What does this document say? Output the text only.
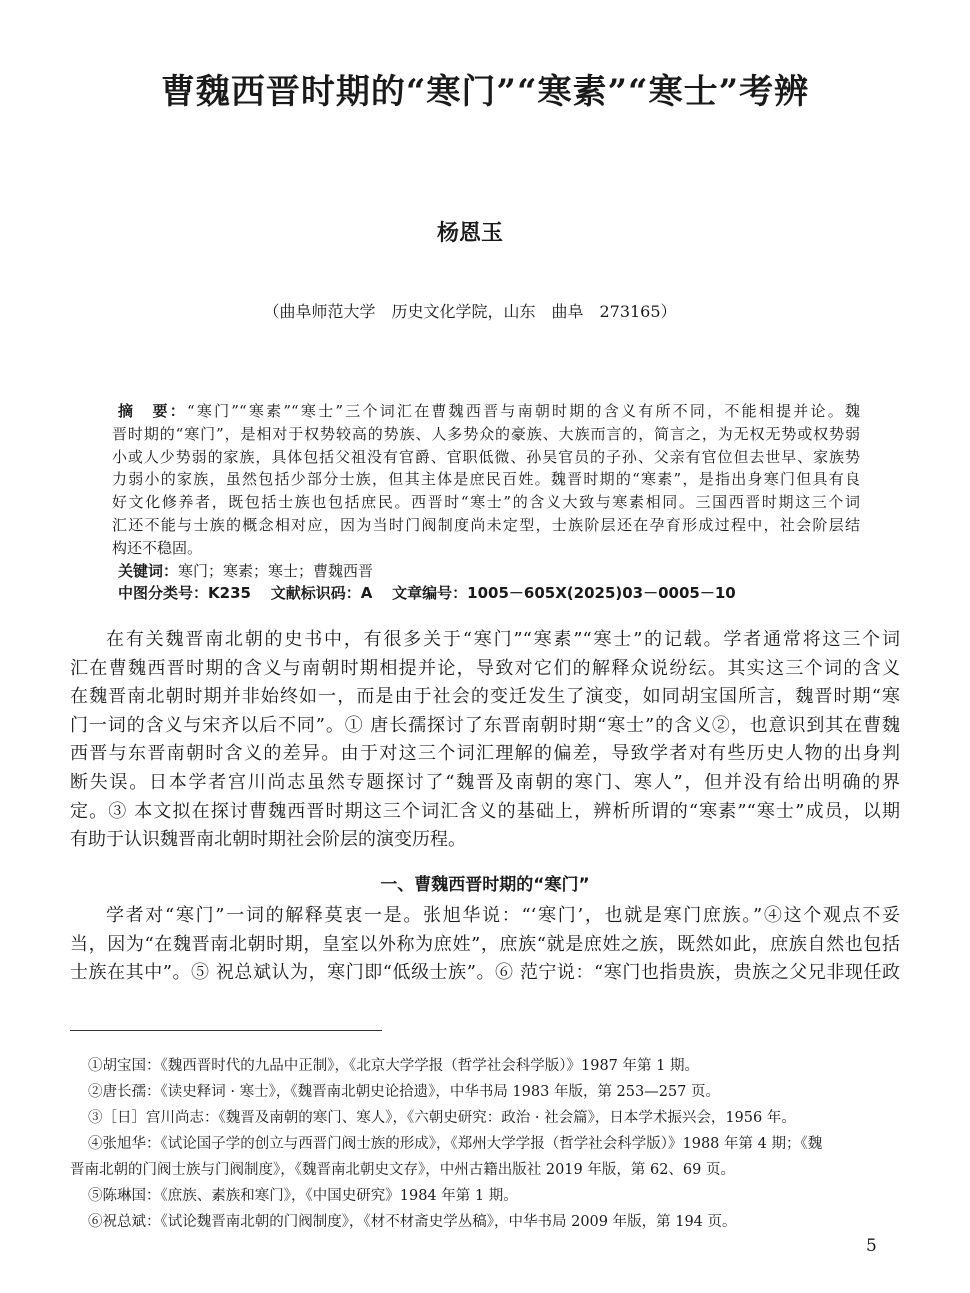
曹魏西晋时期的“寒门”“寒素”“寒士”考辨
杨恩玉
（曲阜师范大学　历史文化学院，山东　曲阜　273165）
摘　要：“寒门”“寒素”“寒士”三个词汇在曹魏西晋与南朝时期的含义有所不同，不能相提并论。魏
晋时期的“寒门”，是相对于权势较高的势族、人多势众的豪族、大族而言的，简言之，为无权无势或权势弱
小或人少势弱的家族，具体包括父祖没有官爵、官职低微、孙吴官员的子孙、父亲有官位但去世早、家族势
力弱小的家族，虽然包括少部分士族，但其主体是庶民百姓。魏晋时期的“寒素”，是指出身寒门但具有良
好文化修养者，既包括士族也包括庶民。西晋时“寒士”的含义大致与寒素相同。三国西晋时期这三个词
汇还不能与士族的概念相对应，因为当时门阀制度尚未定型，士族阶层还在孕育形成过程中，社会阶层结
构还不稳固。
关键词：寒门；寒素；寒士；曹魏西晋
中图分类号：K235  文献标识码：A  文章编号：1005－605X(2025)03－0005－10
在有关魏晋南北朝的史书中，有很多关于“寒门”“寒素”“寒士”的记载。学者通常将这三个词
汇在曹魏西晋时期的含义与南朝时期相提并论，导致对它们的解释众说纷纭。其实这三个词的含义
在魏晋南北朝时期并非始终如一，而是由于社会的变迁发生了演变，如同胡宝国所言，魏晋时期“寒
门一词的含义与宋齐以后不同”。① 唐长孺探讨了东晋南朝时期“寒士”的含义②，也意识到其在曹魏
西晋与东晋南朝时含义的差异。由于对这三个词汇理解的偏差，导致学者对有些历史人物的出身判
断失误。日本学者宫川尚志虽然专题探讨了“魏晋及南朝的寒门、寒人”，但并没有给出明确的界
定。③ 本文拟在探讨曹魏西晋时期这三个词汇含义的基础上，辨析所谓的“寒素”“寒士”成员，以期
有助于认识魏晋南北朝时期社会阶层的演变历程。
一、曹魏西晋时期的“寒门”
学者对“寒门”一词的解释莫衷一是。张旭华说：“‘寒门’，也就是寒门庶族。”④这个观点不妥
当，因为“在魏晋南北朝时期，皇室以外称为庶姓”，庶族“就是庶姓之族，既然如此，庶族自然也包括
士族在其中”。⑤ 祝总斌认为，寒门即“低级士族”。⑥ 范宁说：“寒门也指贵族，贵族之父兄非现任政
①胡宝国：《魏西晋时代的九品中正制》，《北京大学学报（哲学社会科学版）》1987 年第 1 期。
②唐长孺：《读史释词 · 寒士》，《魏晋南北朝史论拾遗》，中华书局 1983 年版，第 253—257 页。
③［日］宫川尚志：《魏晋及南朝的寒门、寒人》，《六朝史研究：政治 · 社会篇》，日本学术振兴会，1956 年。
④张旭华：《试论国子学的创立与西晋门阀士族的形成》，《郑州大学学报（哲学社会科学版）》1988 年第 4 期；《魏
晋南北朝的门阀士族与门阀制度》，《魏晋南北朝史文存》，中州古籍出版社 2019 年版，第 62、69 页。
⑤陈琳国：《庶族、素族和寒门》，《中国史研究》1984 年第 1 期。
⑥祝总斌：《试论魏晋南北朝的门阀制度》，《材不材斋史学丛稿》，中华书局 2009 年版，第 194 页。
5
